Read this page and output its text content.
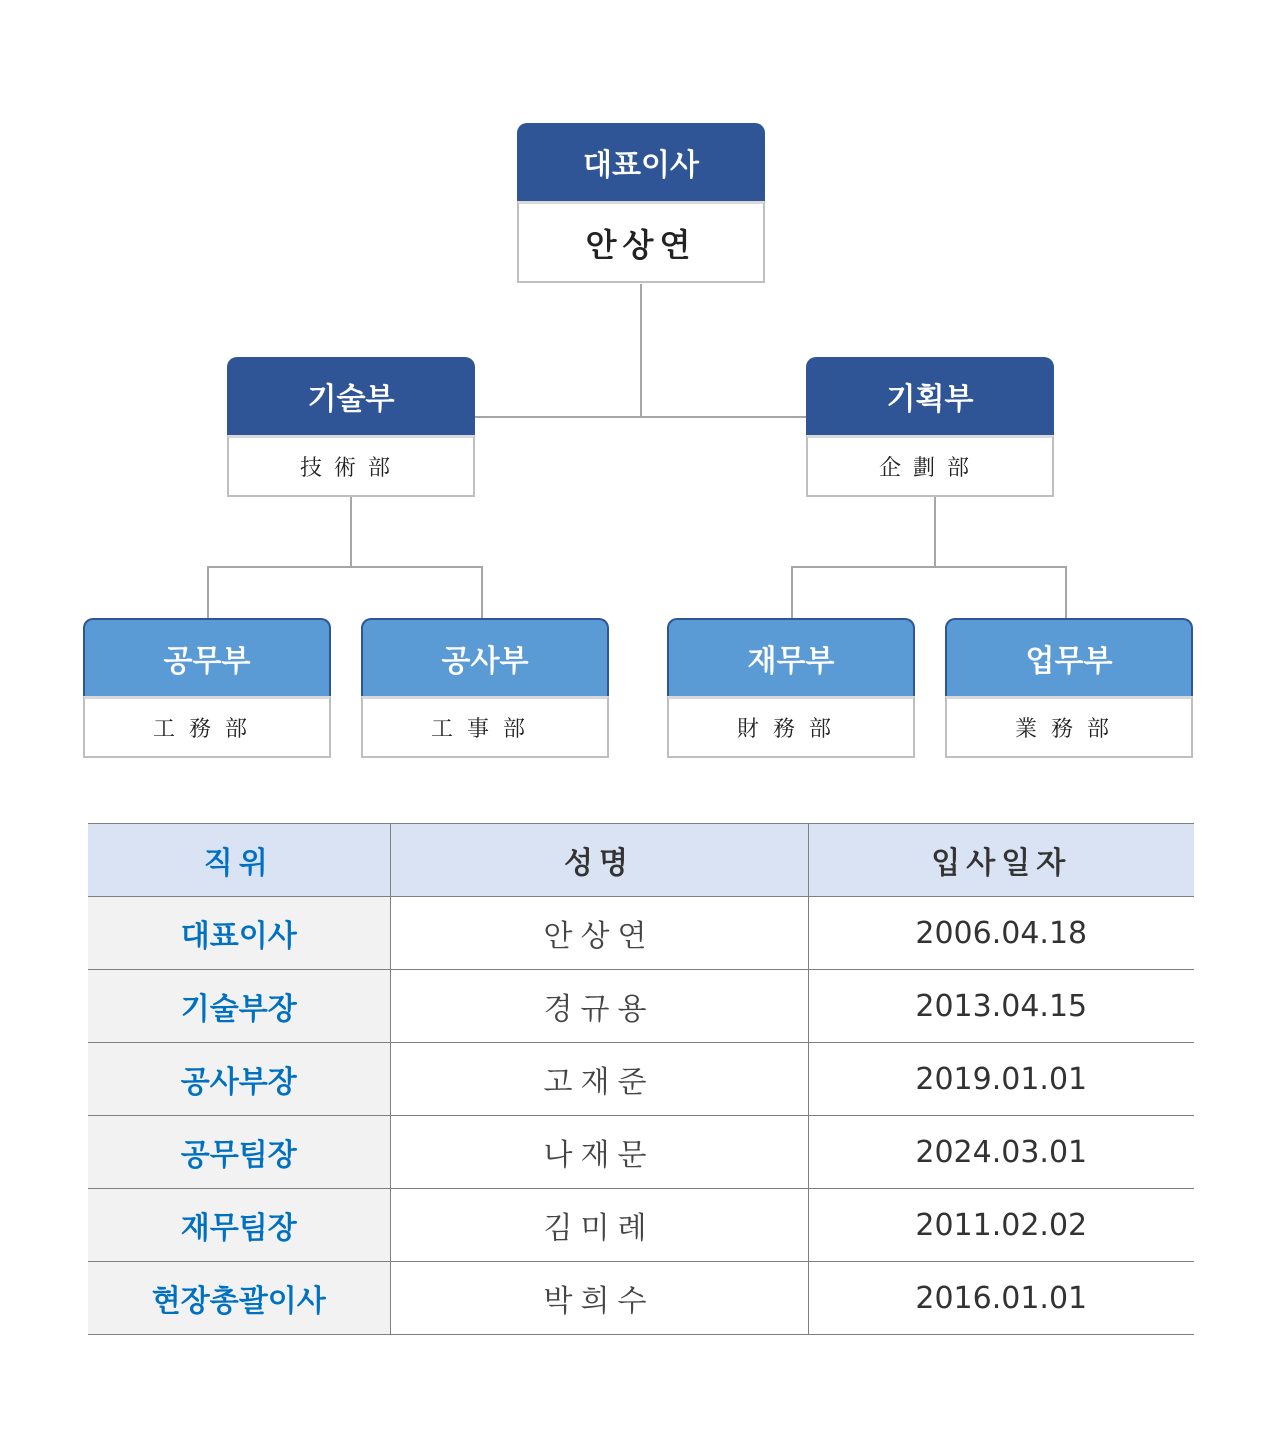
대표이사
안상연
기술부
技術部
기획부
企劃部
공무부
工務部
공사부
工事部
재무부
財務部
업무부
業務部
직위	성명	입사일자
대표이사	안상연	2006.04.18
기술부장	경규용	2013.04.15
공사부장	고재준	2019.01.01
공무팀장	나재문	2024.03.01
재무팀장	김미례	2011.02.02
현장총괄이사	박희수	2016.01.01
